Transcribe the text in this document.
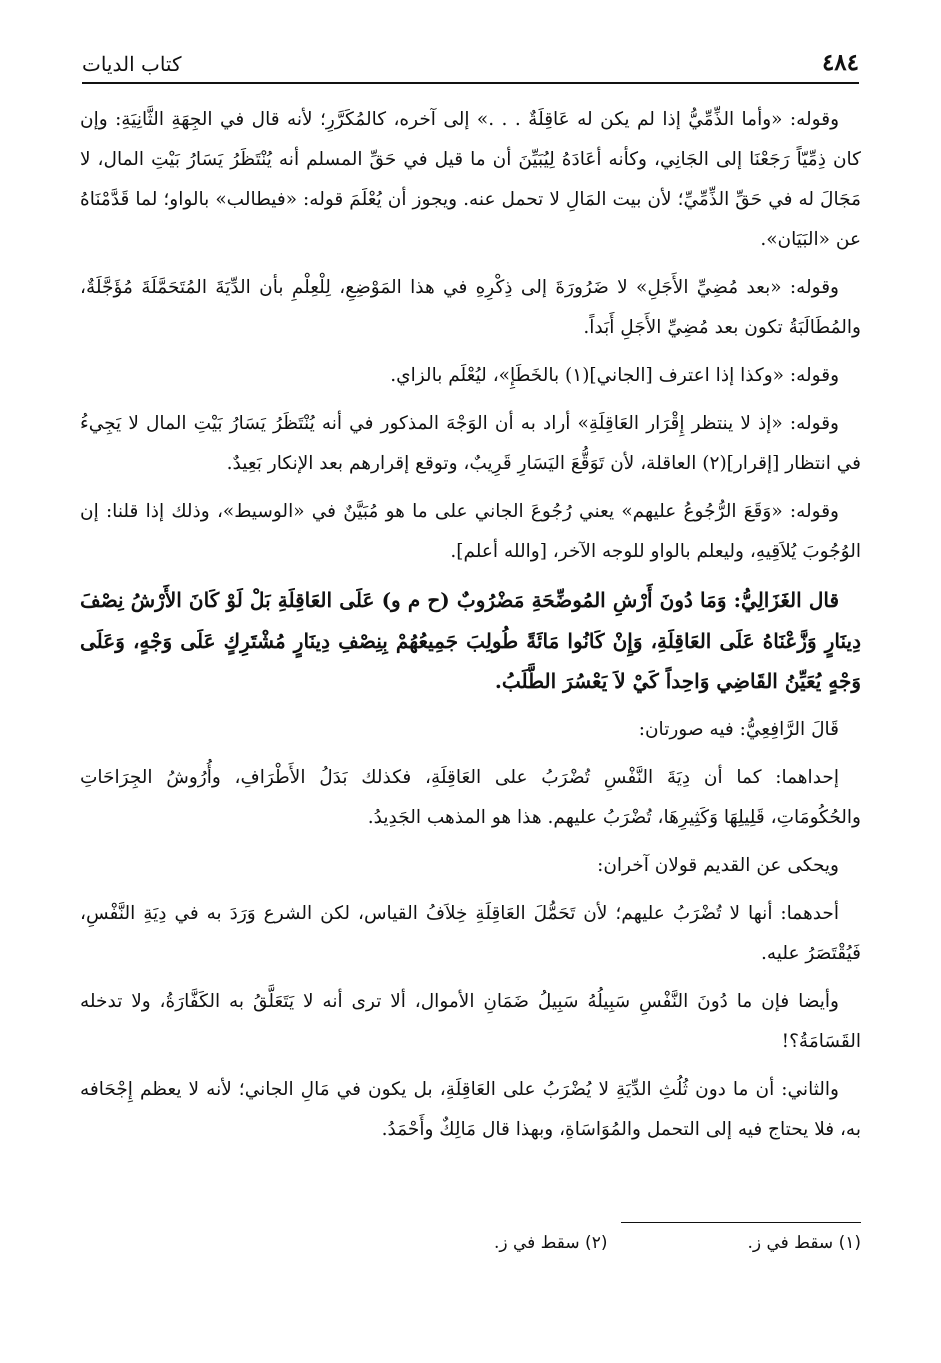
٤٨٤
كتاب الديات

وقوله: «وأما الذِّمِّيُّ إذا لم يكن له عَاقِلَةٌ . . .» إلى آخره، كالمُكَرَّرِ؛ لأنه قال في الجِهَةِ الثَّانِيَةِ: وإن كان ذِمِّيّاً رَجَعْنَا إلى الجَانِي، وكأنه أعَادَهُ لِيُبَيِّنَ أن ما قيل في حَقِّ المسلم أنه يُنْتَظَرُ يَسَارُ بَيْتِ المال، لا مَجَالَ له في حَقِّ الذِّمِّيِّ؛ لأن بيت المَالِ لا تحمل عنه. ويجوز أن يُعْلَمَ قوله: «فيطالب» بالواو؛ لما قَدَّمْنَاهُ عن «البَيَان».

وقوله: «بعد مُضِيِّ الأَجَلِ» لا ضَرُورَةَ إلى ذِكْرِهِ في هذا المَوْضِعِ، لِلْعِلْمِ بأن الدِّيَةَ المُتَحَمَّلَةَ مُؤَجَّلَةٌ، والمُطَالَبَةُ تكون بعد مُضِيِّ الأَجَلِ أَبَداً.

وقوله: «وكذا إذا اعترف [الجاني](١) بالخَطَإِ»، ليُعْلَم بالزاي.

وقوله: «إذ لا ينتظر إِقْرَار العَاقِلَةِ» أراد به أن الوَجْهَ المذكور في أنه يُنْتَظَرُ يَسَارُ بَيْتِ المال لا يَجِيءُ في انتظار [إقرار](٢) العاقلة، لأن تَوَقُّعَ اليَسَارِ قَرِيبٌ، وتوقع إقرارهم بعد الإنكار بَعِيدٌ.

وقوله: «وَقَعَ الرُّجُوعُ عليهم» يعني رُجُوعَ الجاني على ما هو مُبَيَّنٌ في «الوسيط»، وذلك إذا قلنا: إن الوُجُوبَ يُلاَقِيهِ، وليعلم بالواو للوجه الآخر، [والله أعلم].

قال الغَزَالِيُّ: وَمَا دُونَ أَرْشِ المُوضِّحَةِ مَضْرُوبٌ (ح م و) عَلَى العَاقِلَةِ بَلْ لَوْ كَانَ الأَرْشُ نِصْفَ دِينَارٍ وَزَّعْنَاهُ عَلَى العَاقِلَةِ، وَإِنْ كَانُوا مَائَةً طُولِبَ جَمِيعُهُمْ بِنِصْفِ دِينَارٍ مُشْتَرِكٍ عَلَى وَجْهٍ، وَعَلَى وَجْهٍ يُعَيِّنُ القَاضِي وَاحِداً كَيْ لاَ يَعْسُرَ الطَّلَبُ.

قَالَ الرَّافِعِيُّ: فيه صورتان:

إحداهما: كما أن دِيَةَ النَّفْسِ تُضْرَبُ على العَاقِلَةِ، فكذلك بَدَلُ الأَطْرَافِ، وأُرُوشُ الجِرَاحَاتِ والحُكُومَاتِ، قَلِيلِهَا وَكَثِيرِهَا، تُضْرَبُ عليهم. هذا هو المذهب الجَدِيدُ.

ويحكى عن القديم قولان آخران:

أحدهما: أنها لا تُضْرَبُ عليهم؛ لأن تَحَمُّلَ العَاقِلَةِ خِلاَفُ القياس، لكن الشرع وَرَدَ به في دِيَةِ النَّفْسِ، فَيُقْتَصَرُ عليه.

وأيضا فإن ما دُونَ النَّفْسِ سَبِيلُهُ سَبِيلُ ضَمَانِ الأموال، ألا ترى أنه لا يَتَعَلَّقُ به الكَفَّارَةُ، ولا تدخله القَسَامَةُ؟!

والثاني: أن ما دون ثُلُثِ الدِّيَةِ لا يُضْرَبُ على العَاقِلَةِ، بل يكون في مَالِ الجاني؛ لأنه لا يعظم إِجْحَافه به، فلا يحتاج فيه إلى التحمل والمُوَاسَاةِ، وبهذا قال مَالِكٌ وأَحْمَدُ.

(١) سقط في ز.
(٢) سقط في ز.
